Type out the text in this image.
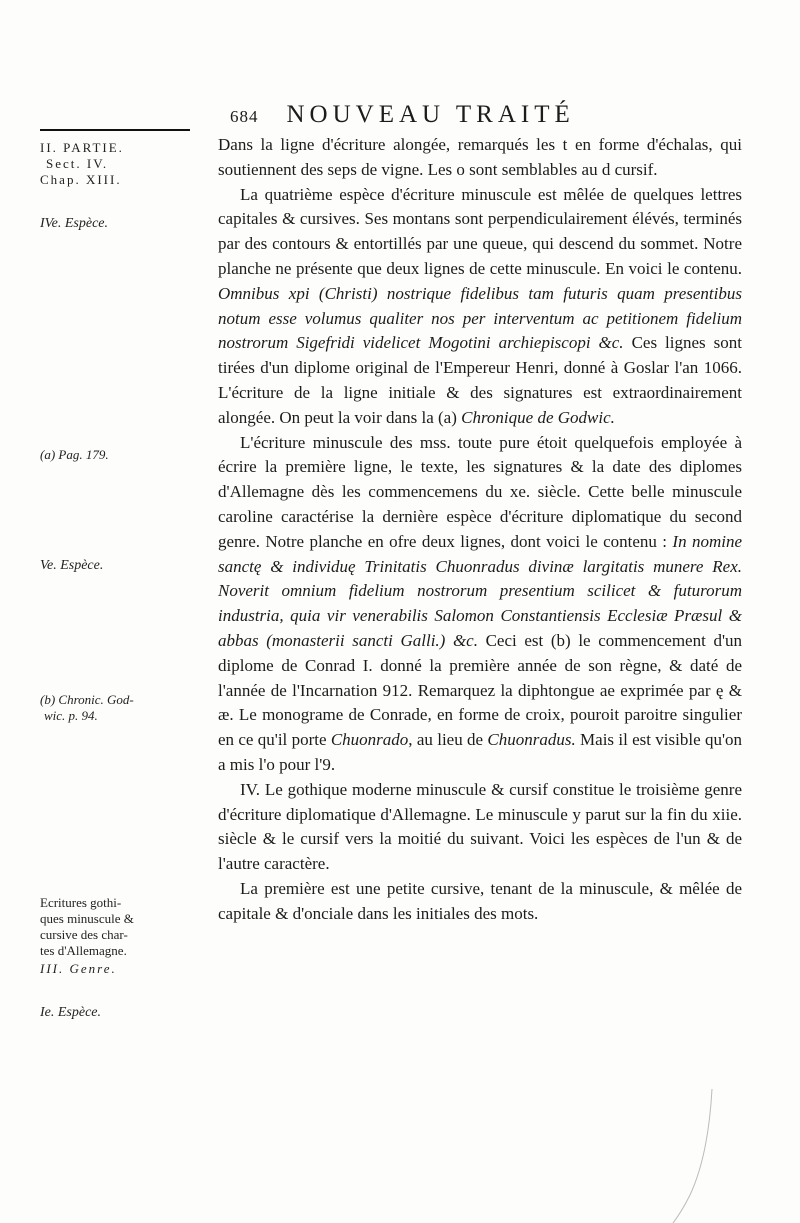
684 NOUVEAU TRAITÉ
II. PARTIE.
Sect. IV.
Chap. XIII.
IVe. Espèce.
(a) Pag. 179.
Ve. Espèce.
(b) Chronic. God-
wic. p. 94.
Ecritures gothi-
ques minuscule &
cursive des char-
tes d'Allemagne.
III. Genre.
Ie. Espèce.

Dans la ligne d'écriture alongée, remarqués les t en forme d'échalas, qui soutiennent des seps de vigne. Les o sont semblables au d cursif.

La quatrième espèce d'écriture minuscule est mêlée de quelques lettres capitales & cursives. Ses montans sont perpendiculairement élévés, terminés par des contours & entortillés par une queue, qui descend du sommet. Notre planche ne présente que deux lignes de cette minuscule. En voici le contenu. Omnibus xpi (Christi) nostrique fidelibus tam futuris quam presentibus notum esse volumus qualiter nos per interventum ac petitionem fidelium nostrorum Sigefridi videlicet Mogotini archiepiscopi &c. Ces lignes sont tirées d'un diplome original de l'Empereur Henri, donné à Goslar l'an 1066. L'écriture de la ligne initiale & des signatures est extraordinairement alongée. On peut la voir dans la (a) Chronique de Godwic.

L'écriture minuscule des mss. toute pure étoit quelquefois employée à écrire la première ligne, le texte, les signatures & la date des diplomes d'Allemagne dès les commencemens du xe. siècle. Cette belle minuscule caroline caractérise la dernière espèce d'écriture diplomatique du second genre. Notre planche en ofre deux lignes, dont voici le contenu : In nomine sanctę & individuę Trinitatis Chuonradus divinæ largitatis munere Rex. Noverit omnium fidelium nostrorum presentium scilicet & futurorum industria, quia vir venerabilis Salomon Constantiensis Ecclesiæ Præsul & abbas (monasterii sancti Galli.) &c. Ceci est (b) le commencement d'un diplome de Conrad I. donné la première année de son règne, & daté de l'année de l'Incarnation 912. Remarquez la diphtongue ae exprimée par ę & æ. Le monograme de Conrade, en forme de croix, pouroit paroitre singulier en ce qu'il porte Chuonrado, au lieu de Chuonradus. Mais il est visible qu'on a mis l'o pour l'9.

IV. Le gothique moderne minuscule & cursif constitue le troisième genre d'écriture diplomatique d'Allemagne. Le minuscule y parut sur la fin du xiie. siècle & le cursif vers la moitié du suivant. Voici les espèces de l'un & de l'autre caractère.

La première est une petite cursive, tenant de la minuscule, & mêlée de capitale & d'onciale dans les initiales des mots.
